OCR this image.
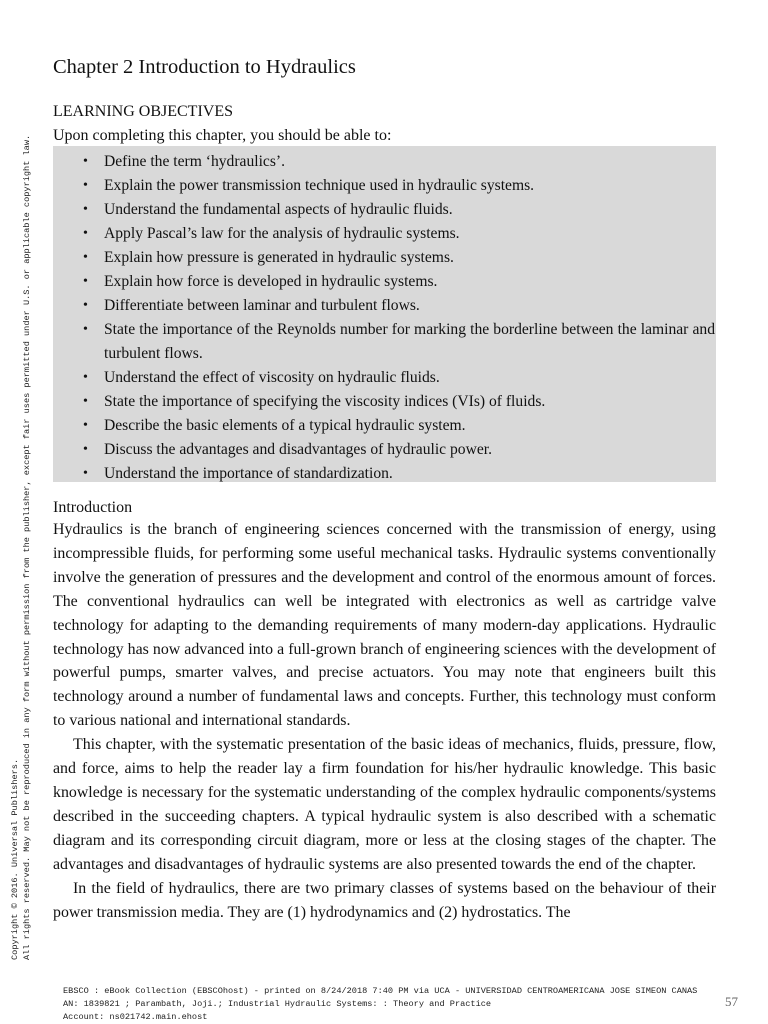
Copyright © 2016. Universal Publishers. All rights reserved. May not be reproduced in any form without permission from the publisher, except fair uses permitted under U.S. or applicable copyright law.
Chapter 2 Introduction to Hydraulics
LEARNING OBJECTIVES
Upon completing this chapter, you should be able to:
• Define the term ‘hydraulics’.
• Explain the power transmission technique used in hydraulic systems.
• Understand the fundamental aspects of hydraulic fluids.
• Apply Pascal’s law for the analysis of hydraulic systems.
• Explain how pressure is generated in hydraulic systems.
• Explain how force is developed in hydraulic systems.
• Differentiate between laminar and turbulent flows.
• State the importance of the Reynolds number for marking the borderline between the laminar and turbulent flows.
• Understand the effect of viscosity on hydraulic fluids.
• State the importance of specifying the viscosity indices (VIs) of fluids.
• Describe the basic elements of a typical hydraulic system.
• Discuss the advantages and disadvantages of hydraulic power.
• Understand the importance of standardization.
Introduction

Hydraulics is the branch of engineering sciences concerned with the transmission of energy, using incompressible fluids, for performing some useful mechanical tasks. Hydraulic systems conventionally involve the generation of pressures and the development and control of the enormous amount of forces. The conventional hydraulics can well be integrated with electronics as well as cartridge valve technology for adapting to the demanding requirements of many modern-day applications. Hydraulic technology has now advanced into a full-grown branch of engineering sciences with the development of powerful pumps, smarter valves, and precise actuators. You may note that engineers built this technology around a number of fundamental laws and concepts. Further, this technology must conform to various national and international standards.

This chapter, with the systematic presentation of the basic ideas of mechanics, fluids, pressure, flow, and force, aims to help the reader lay a firm foundation for his/her hydraulic knowledge. This basic knowledge is necessary for the systematic understanding of the complex hydraulic components/systems described in the succeeding chapters. A typical hydraulic system is also described with a schematic diagram and its corresponding circuit diagram, more or less at the closing stages of the chapter. The advantages and disadvantages of hydraulic systems are also presented towards the end of the chapter.

In the field of hydraulics, there are two primary classes of systems based on the behaviour of their power transmission media. They are (1) hydrodynamics and (2) hydrostatics. The

EBSCO : eBook Collection (EBSCOhost) - printed on 8/24/2018 7:40 PM via UCA - UNIVERSIDAD CENTROAMERICANA JOSE SIMEON CANAS
AN: 1839821 ; Parambath, Joji.; Industrial Hydraulic Systems: : Theory and Practice
Account: ns021742.main.ehost
57
